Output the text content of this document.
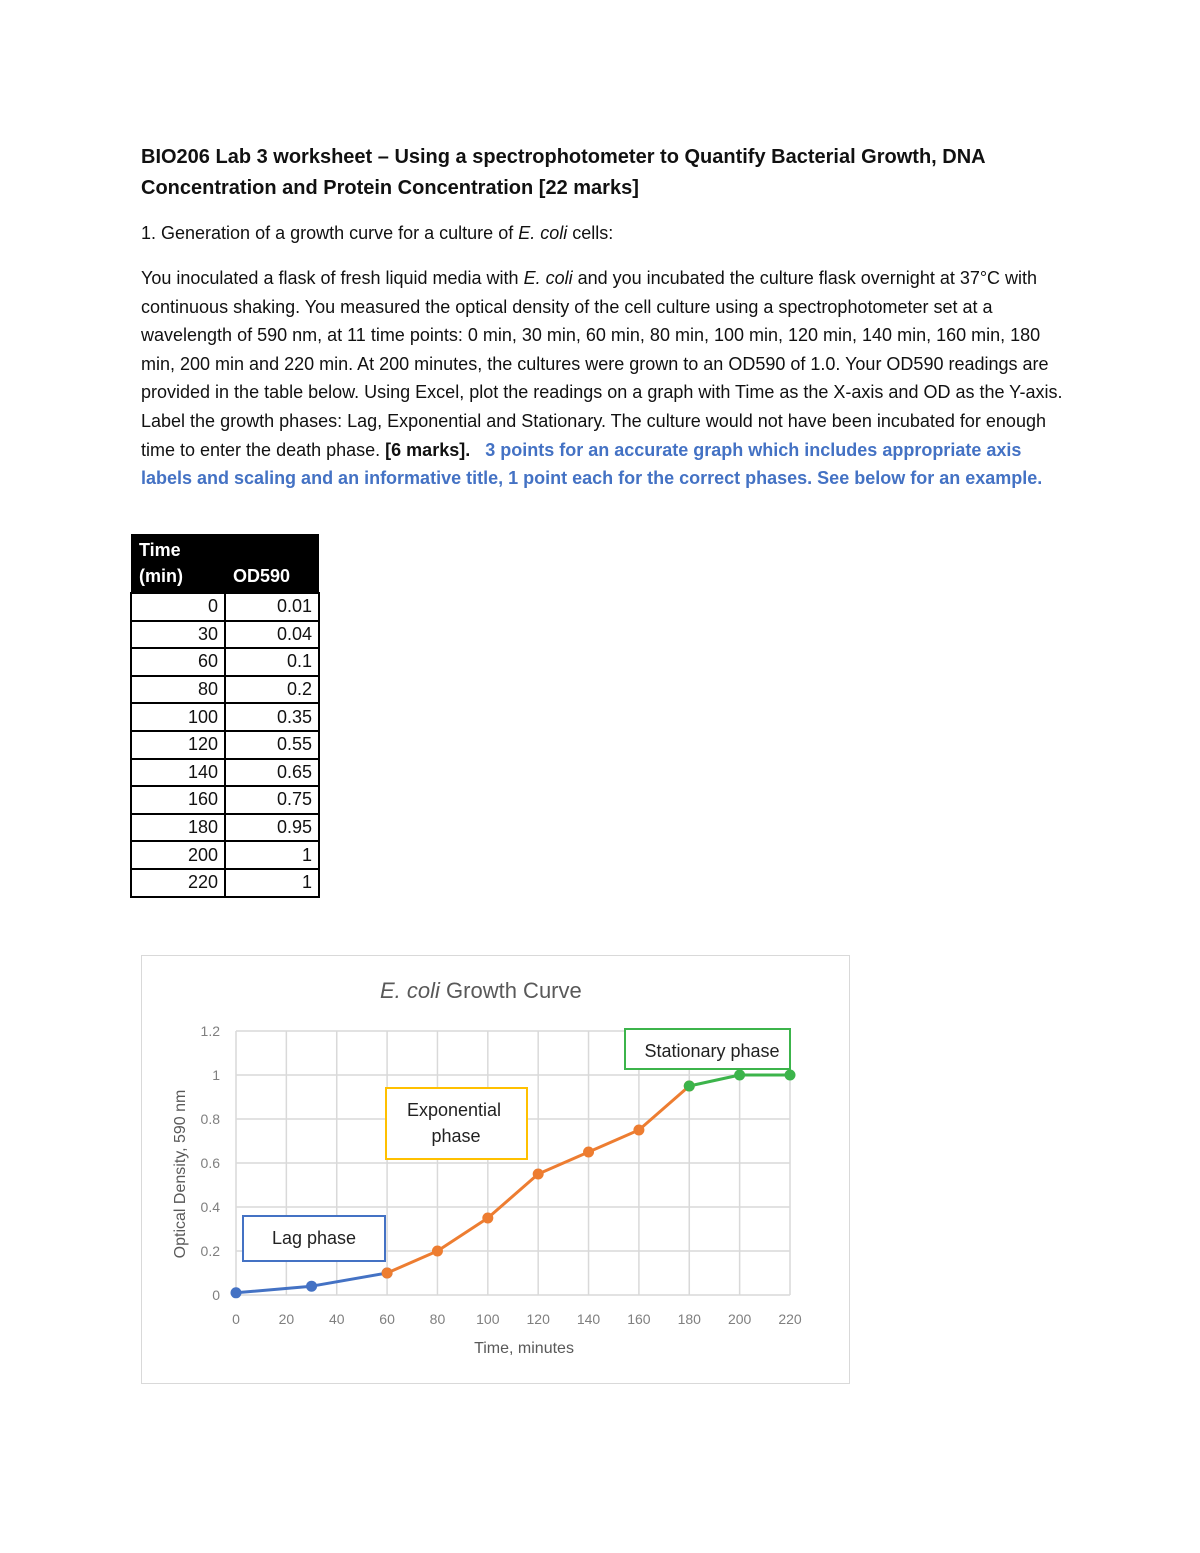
BIO206 Lab 3 worksheet – Using a spectrophotometer to Quantify Bacterial Growth, DNA Concentration and Protein Concentration [22 marks]

1. Generation of a growth curve for a culture of E. coli cells:

You inoculated a flask of fresh liquid media with E. coli and you incubated the culture flask overnight at 37°C with continuous shaking. You measured the optical density of the cell culture using a spectrophotometer set at a wavelength of 590 nm, at 11 time points: 0 min, 30 min, 60 min, 80 min, 100 min, 120 min, 140 min, 160 min, 180 min, 200 min and 220 min. At 200 minutes, the cultures were grown to an OD590 of 1.0. Your OD590 readings are provided in the table below. Using Excel, plot the readings on a graph with Time as the X-axis and OD as the Y-axis. Label the growth phases: Lag, Exponential and Stationary. The culture would not have been incubated for enough time to enter the death phase. [6 marks]. 3 points for an accurate graph which includes appropriate axis labels and scaling and an informative title, 1 point each for the correct phases. See below for an example.

Time (min)	OD590
0	0.01
30	0.04
60	0.1
80	0.2
100	0.35
120	0.55
140	0.65
160	0.75
180	0.95
200	1
220	1
E. coli Growth Curve
0
0.2
0.4
0.6
0.8
1
1.2
0	20 40 60 80 100 120 140 160 180 200 220
Time, minutes
Optical Density, 590 nm	Lag phase
Exponential
phase
Stationary phase
